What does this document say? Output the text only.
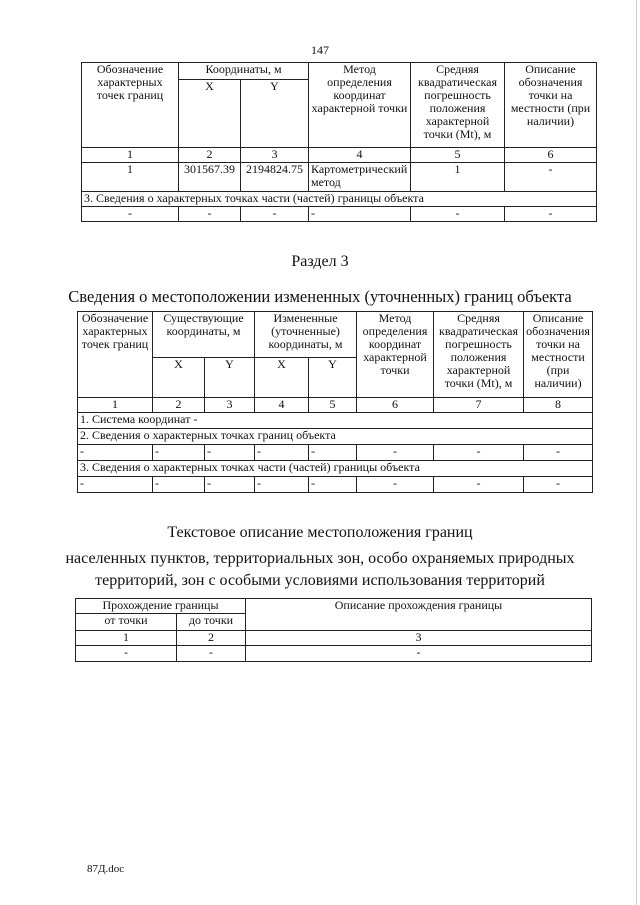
147
Обозначение характерных точек границ	Координаты, м		Метод определения координат характерной точки	Средняя квадратическая погрешность положения характерной точки (Mt), м	Описание обозначения точки на местности (при наличии)
	X	Y			
1	2	3	4	5	6
1	301567.39	2194824.75	Картометрический метод	1	-
3. Сведения о характерных точках части (частей) границы объекта					
-	-	-	-	-	-
Раздел 3
Сведения о местоположении измененных (уточненных) границ объекта
Обозначение характерных точек границ	Существующие координаты, м		Измененные (уточненные) координаты, м		Метод определения координат характерной точки	Средняя квадратическая погрешность положения характерной точки (Mt), м	Описание обозначения точки на местности (при наличии)
	X	Y	X	Y			
1	2	3	4	5	6	7	8
1. Система координат -							
2. Сведения о характерных точках границ объекта							
-	-	-	-	-	-	-	-
3. Сведения о характерных точках части (частей) границы объекта							
-	-	-	-	-	-	-	-
Текстовое описание местоположения границ
населенных пунктов, территориальных зон, особо охраняемых природных
территорий, зон с особыми условиями использования территорий
Прохождение границы		Описание прохождения границы
от точки	до точки	
1	2	3
-	-	-
87Д.doc
